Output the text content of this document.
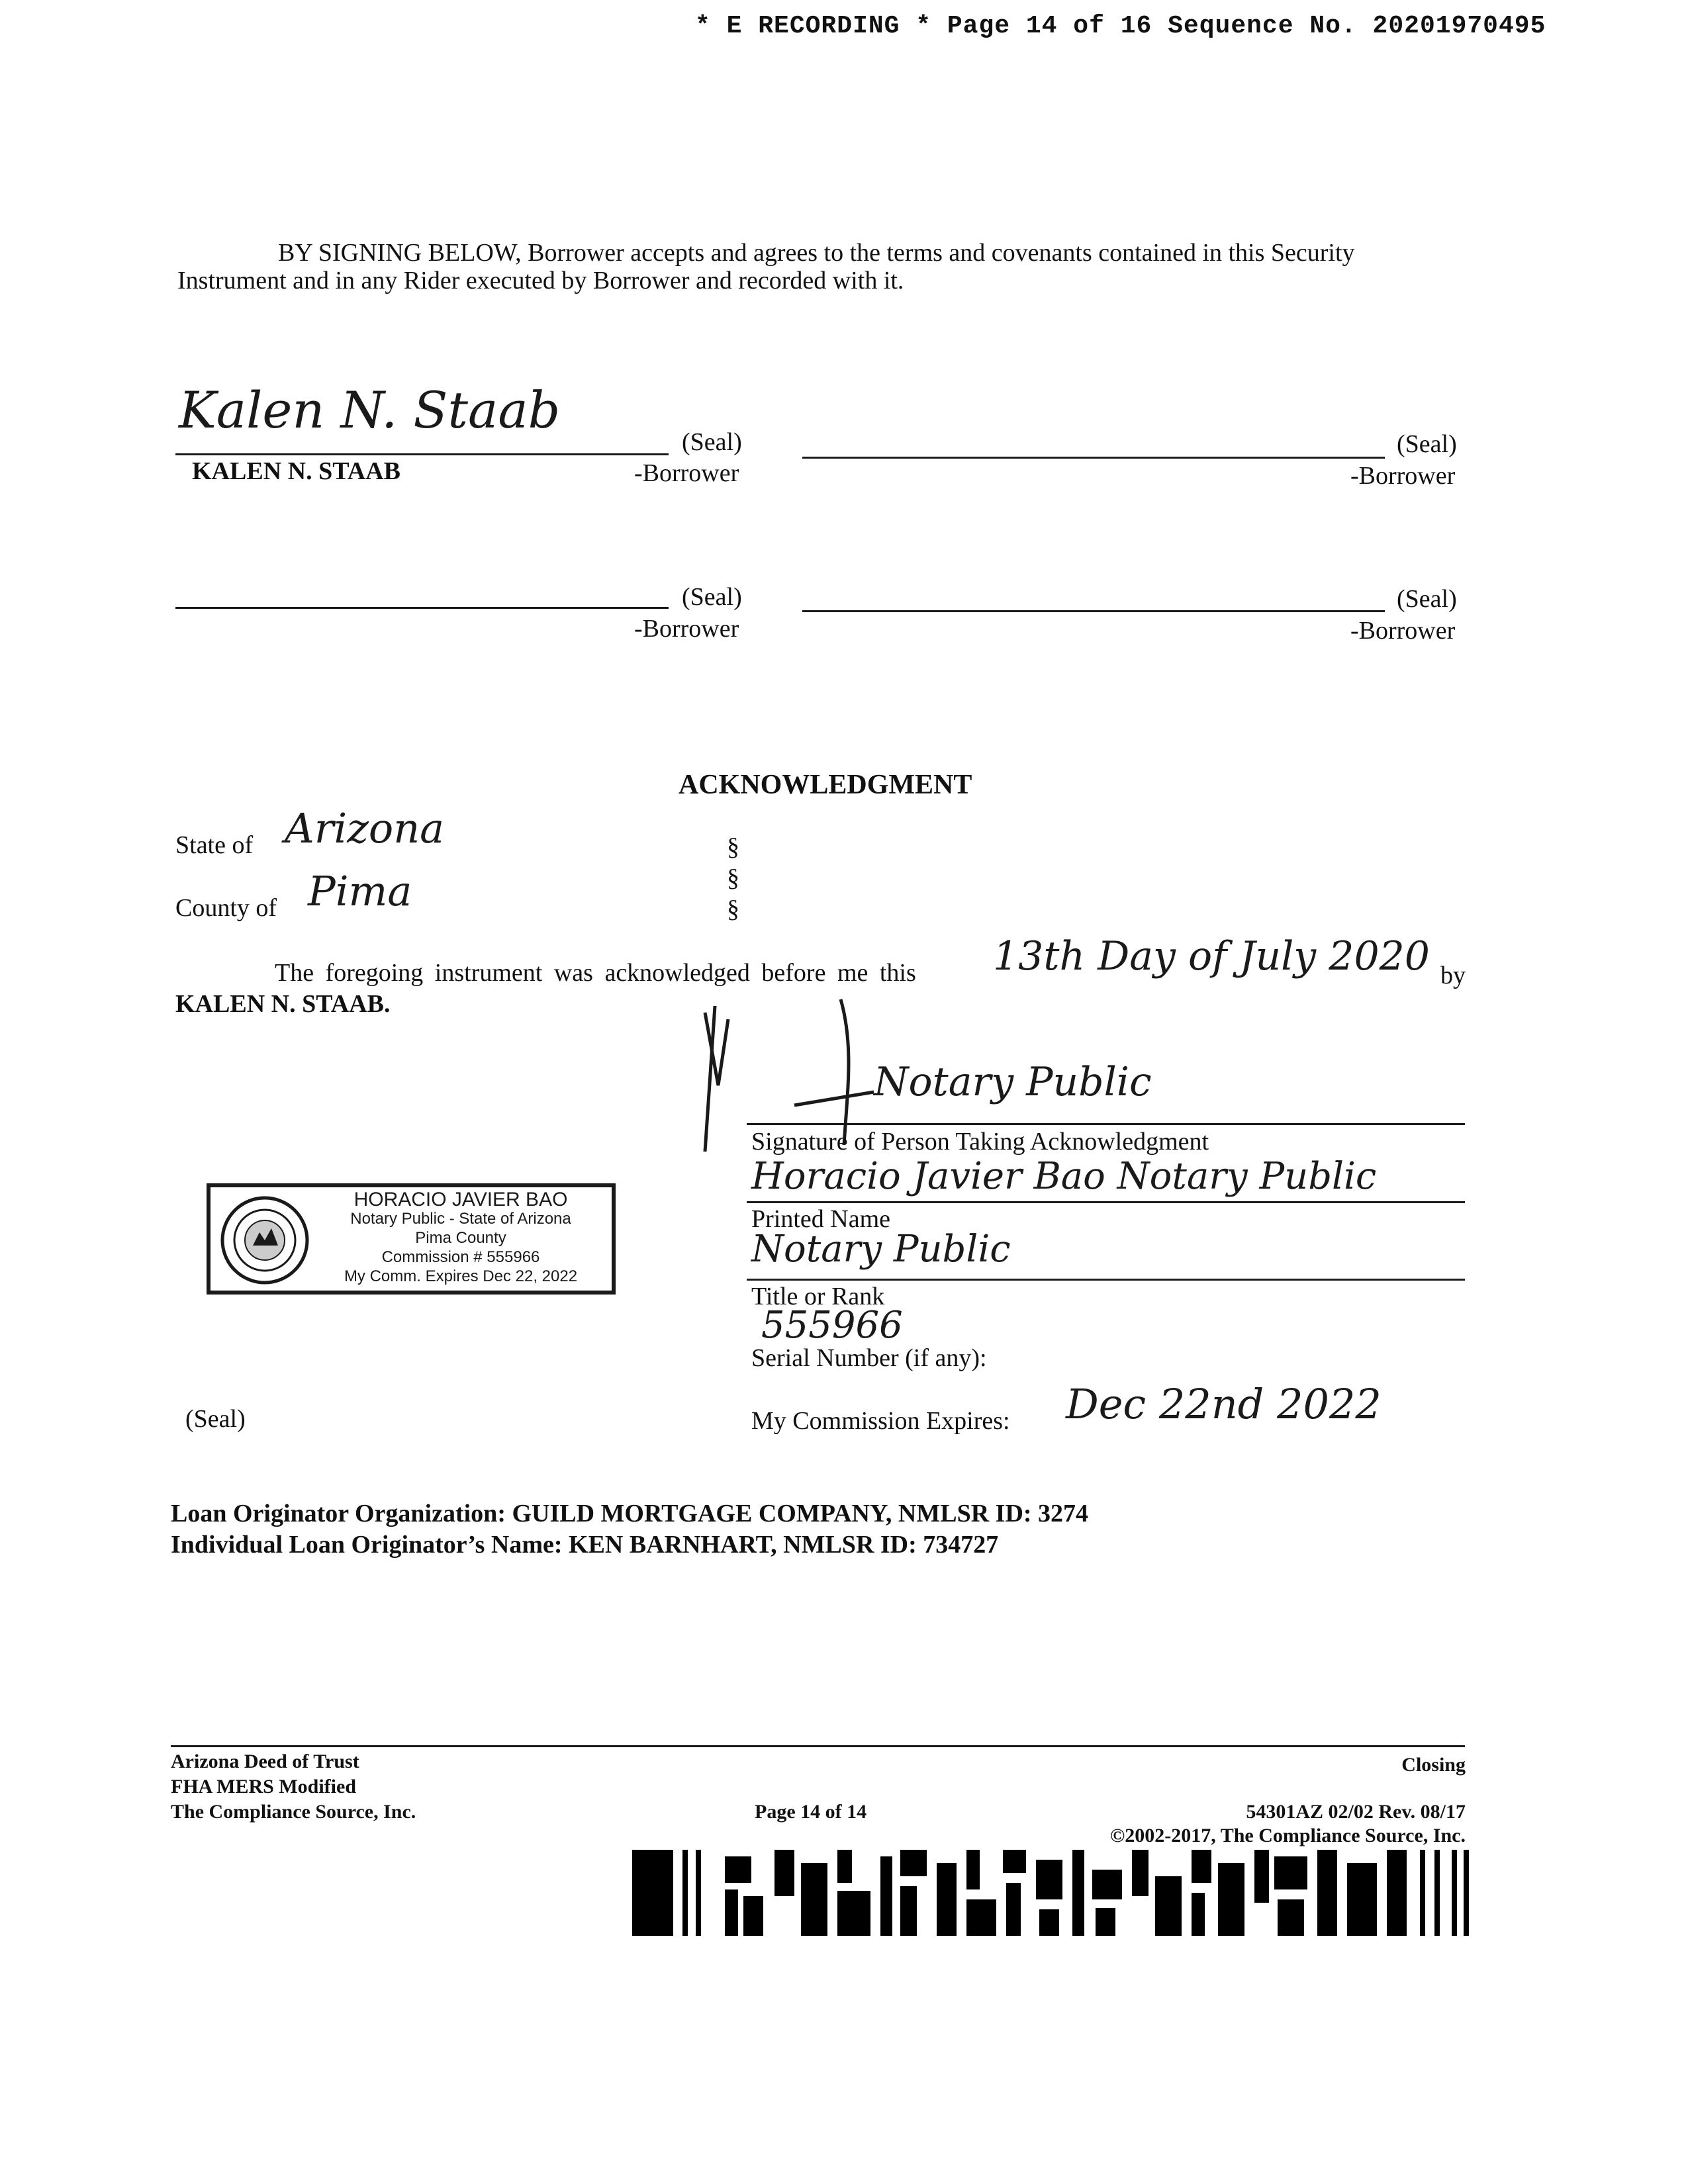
* E RECORDING * Page 14 of 16 Sequence No. 20201970495
BY SIGNING BELOW, Borrower accepts and agrees to the terms and covenants contained in this Security
Instrument and in any Rider executed by Borrower and recorded with it.
Kalen N. Staab
(Seal)
KALEN N. STAAB	-Borrower
(Seal)
-Borrower
(Seal)
-Borrower
(Seal)
-Borrower
ACKNOWLEDGMENT
State of Arizona
County of Pima
§
§
§
The foregoing instrument was acknowledged before me this 13th Day of July 2020 by
KALEN N. STAAB.
Notary Public
Signature of Person Taking Acknowledgment
Horacio Javier Bao Notary Public
Printed Name
Notary Public
Title or Rank
555966
Serial Number (if any):
My Commission Expires: Dec 22nd 2022
HORACIO JAVIER BAO
Notary Public - State of Arizona
Pima County
Commission # 555966
My Comm. Expires Dec 22, 2022
(Seal)
Loan Originator Organization: GUILD MORTGAGE COMPANY, NMLSR ID: 3274
Individual Loan Originator’s Name: KEN BARNHART, NMLSR ID: 734727
Arizona Deed of Trust
FHA MERS Modified
The Compliance Source, Inc.
Closing
Page 14 of 14	54301AZ 02/02 Rev. 08/17
©2002-2017, The Compliance Source, Inc.
